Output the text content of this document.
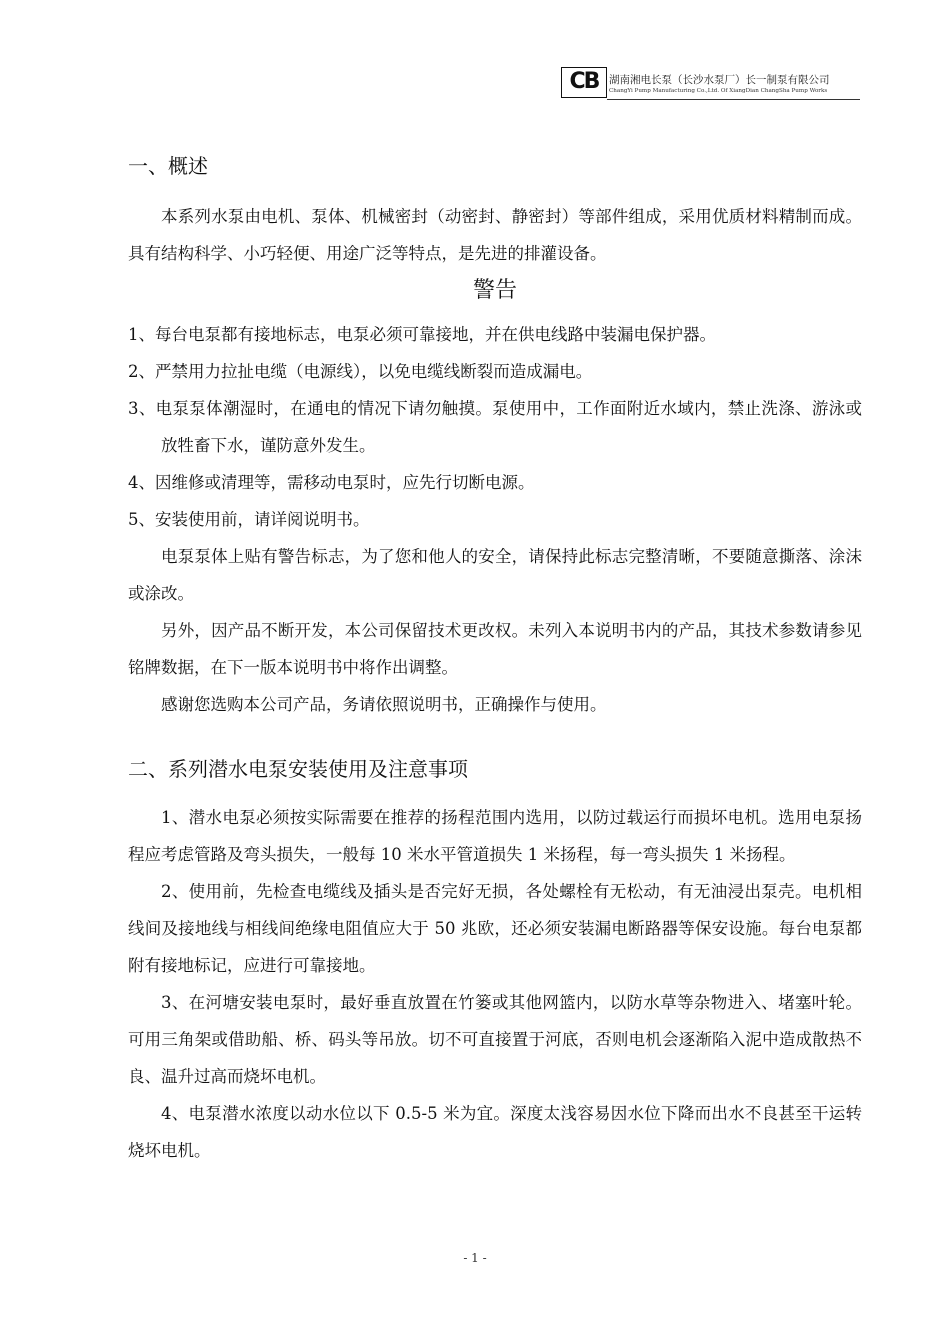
CB	湖南湘电长泵（长沙水泵厂）长一制泵有限公司
ChangYi Pump Manufacturing Co.,Ltd. Of XiangDian ChangSha Pump Works
一、概述

本系列水泵由电机、泵体、机械密封（动密封、静密封）等部件组成，采用优质材料精制而成。具有结构科学、小巧轻便、用途广泛等特点，是先进的排灌设备。

警告

1、每台电泵都有接地标志，电泵必须可靠接地，并在供电线路中装漏电保护器。

2、严禁用力拉扯电缆（电源线），以免电缆线断裂而造成漏电。

3、电泵泵体潮湿时，在通电的情况下请勿触摸。泵使用中，工作面附近水域内，禁止洗涤、游泳或放牲畜下水，谨防意外发生。

4、因维修或清理等，需移动电泵时，应先行切断电源。

5、安装使用前，请详阅说明书。

电泵泵体上贴有警告标志，为了您和他人的安全，请保持此标志完整清晰，不要随意撕落、涂沫或涂改。

另外，因产品不断开发，本公司保留技术更改权。未列入本说明书内的产品，其技术参数请参见铭牌数据，在下一版本说明书中将作出调整。

感谢您选购本公司产品，务请依照说明书，正确操作与使用。

二、系列潜水电泵安装使用及注意事项

1、潜水电泵必须按实际需要在推荐的扬程范围内选用，以防过载运行而损坏电机。选用电泵扬程应考虑管路及弯头损失，一般每 10 米水平管道损失 1 米扬程，每一弯头损失 1 米扬程。

2、使用前，先检查电缆线及插头是否完好无损，各处螺栓有无松动，有无油浸出泵壳。电机相线间及接地线与相线间绝缘电阻值应大于 50 兆欧，还必须安装漏电断路器等保安设施。每台电泵都附有接地标记，应进行可靠接地。

3、在河塘安装电泵时，最好垂直放置在竹篓或其他网篮内，以防水草等杂物进入、堵塞叶轮。可用三角架或借助船、桥、码头等吊放。切不可直接置于河底，否则电机会逐渐陷入泥中造成散热不良、温升过高而烧坏电机。

4、电泵潜水浓度以动水位以下 0.5-5 米为宜。深度太浅容易因水位下降而出水不良甚至干运转烧坏电机。

- 1 -
